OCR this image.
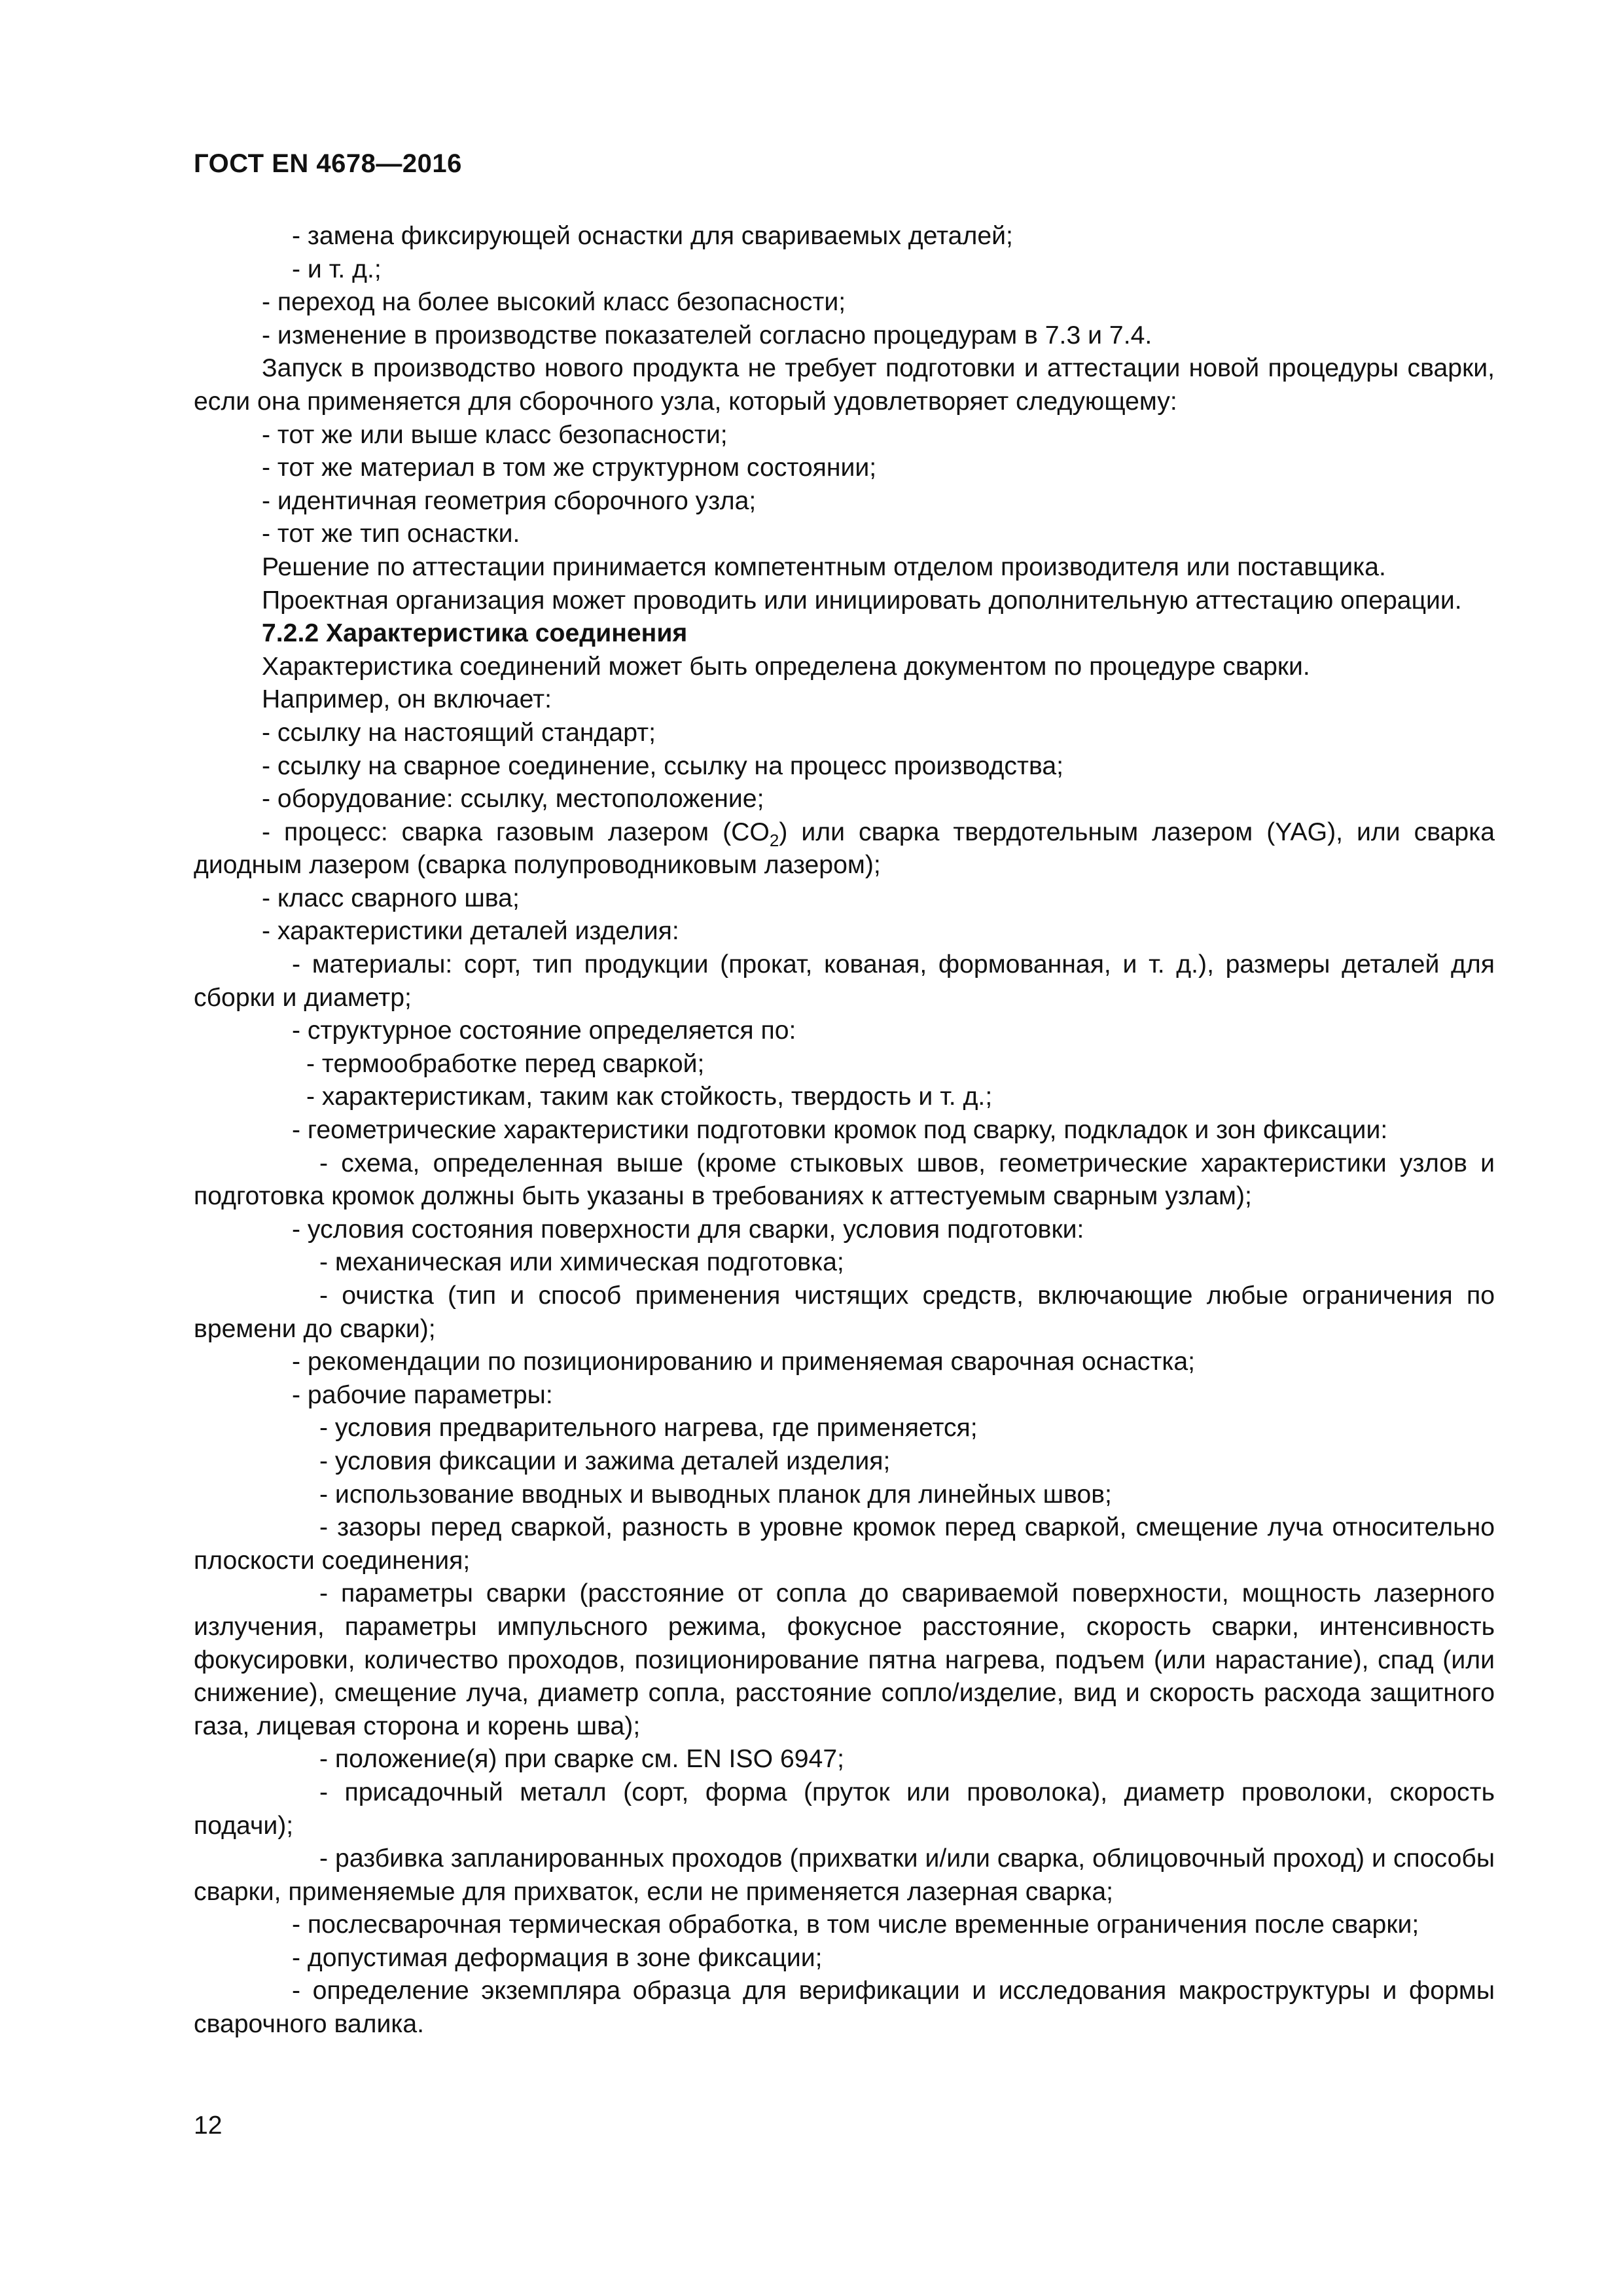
ГОСТ EN 4678—2016

- замена фиксирующей оснастки для свариваемых деталей;

- и т. д.;

- переход на более высокий класс безопасности;

- изменение в производстве показателей согласно процедурам в 7.3 и 7.4.

Запуск в производство нового продукта не требует подготовки и аттестации новой процедуры сварки, если она применяется для сборочного узла, который удовлетворяет следующему:

- тот же или выше класс безопасности;

- тот же материал в том же структурном состоянии;

- идентичная геометрия сборочного узла;

- тот же тип оснастки.

Решение по аттестации принимается компетентным отделом производителя или поставщика.

Проектная организация может проводить или инициировать дополнительную аттестацию операции.

7.2.2 Характеристика соединения

Характеристика соединений может быть определена документом по процедуре сварки.

Например, он включает:

- ссылку на настоящий стандарт;

- ссылку на сварное соединение, ссылку на процесс производства;

- оборудование: ссылку, местоположение;

- процесс: сварка газовым лазером $(CO_2)$ или сварка твердотельным лазером (YAG), или сварка диодным лазером (сварка полупроводниковым лазером);

- класс сварного шва;

- характеристики деталей изделия:

- материалы: сорт, тип продукции (прокат, кованая, формованная, и т. д.), размеры деталей для сборки и диаметр;

- структурное состояние определяется по:

- термообработке перед сваркой;

- характеристикам, таким как стойкость, твердость и т. д.;

- геометрические характеристики подготовки кромок под сварку, подкладок и зон фиксации:

- схема, определенная выше (кроме стыковых швов, геометрические характеристики узлов и подготовка кромок должны быть указаны в требованиях к аттестуемым сварным узлам);

- условия состояния поверхности для сварки, условия подготовки:

- механическая или химическая подготовка;

- очистка (тип и способ применения чистящих средств, включающие любые ограничения по времени до сварки);

- рекомендации по позиционированию и применяемая сварочная оснастка;

- рабочие параметры:

- условия предварительного нагрева, где применяется;

- условия фиксации и зажима деталей изделия;

- использование вводных и выводных планок для линейных швов;

- зазоры перед сваркой, разность в уровне кромок перед сваркой, смещение луча относительно плоскости соединения;

- параметры сварки (расстояние от сопла до свариваемой поверхности, мощность лазерного излучения, параметры импульсного режима, фокусное расстояние, скорость сварки, интенсивность фокусировки, количество проходов, позиционирование пятна нагрева, подъем (или нарастание), спад (или снижение), смещение луча, диаметр сопла, расстояние сопло/изделие, вид и скорость расхода защитного газа, лицевая сторона и корень шва);

- положение(я) при сварке см. EN ISO 6947;

- присадочный металл (сорт, форма (пруток или проволока), диаметр проволоки, скорость подачи);

- разбивка запланированных проходов (прихватки и/или сварка, облицовочный проход) и способы сварки, применяемые для прихваток, если не применяется лазерная сварка;

- послесварочная термическая обработка, в том числе временные ограничения после сварки;

- допустимая деформация в зоне фиксации;

- определение экземпляра образца для верификации и исследования макроструктуры и формы сварочного валика.

12
